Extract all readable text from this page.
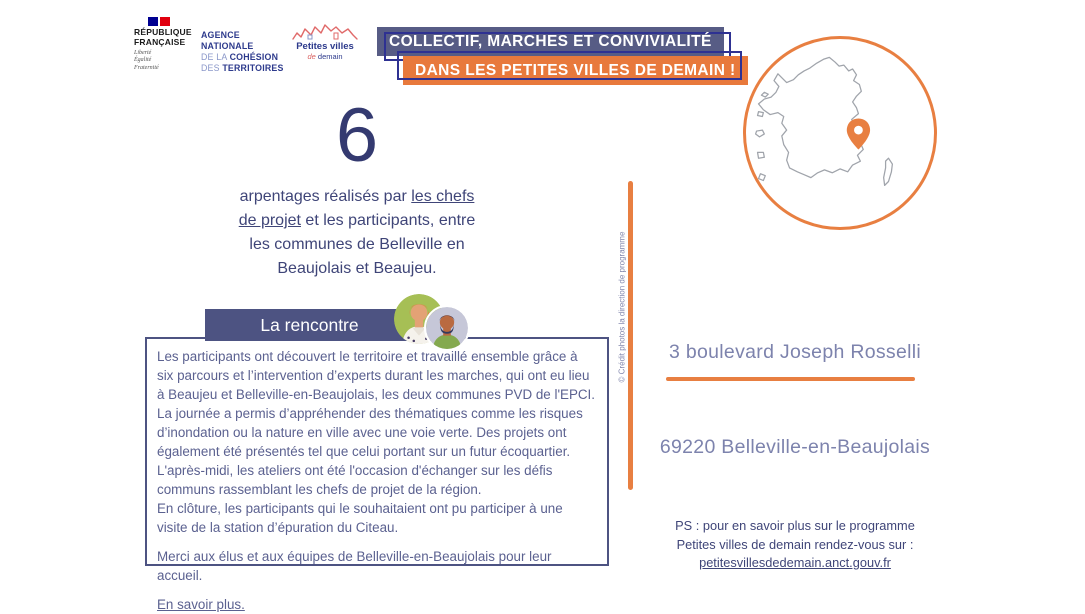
RÉPUBLIQUE
FRANÇAISE
Liberté
Égalité
Fraternité
AGENCE
NATIONALE
DE LA COHÉSION
DES TERRITOIRES
Petites villes
de demain
COLLECTIF, MARCHES ET CONVIVIALITÉ
DANS LES PETITES VILLES DE DEMAIN !
6
arpentages réalisés par les chefs de projet et les participants, entre les communes de Belleville en Beaujolais et Beaujeu.
La rencontre

Les participants ont découvert le territoire et travaillé ensemble grâce à six parcours et l’intervention d’experts durant les marches, qui ont eu lieu à Beaujeu et Belleville-en-Beaujolais, les deux communes PVD de l'EPCI. La journée a permis d’appréhender des thématiques comme les risques d’inondation ou la nature en ville avec une voie verte. Des projets ont également été présentés tel que celui portant sur un futur écoquartier. L'après-midi, les ateliers ont été l'occasion d'échanger sur les défis communs rassemblant les chefs de projet de la région.

En clôture, les participants qui le souhaitaient ont pu participer à une visite de la station d’épuration du Citeau.

Merci aux élus et aux équipes de Belleville-en-Beaujolais pour leur accueil.

En savoir plus.

© Crédit photos la direction de programme	3 boulevard Joseph Rosselli
69220 Belleville-en-Beaujolais
PS : pour en savoir plus sur le programme
Petites villes de demain rendez-vous sur :
petitesvillesdedemain.anct.gouv.fr
